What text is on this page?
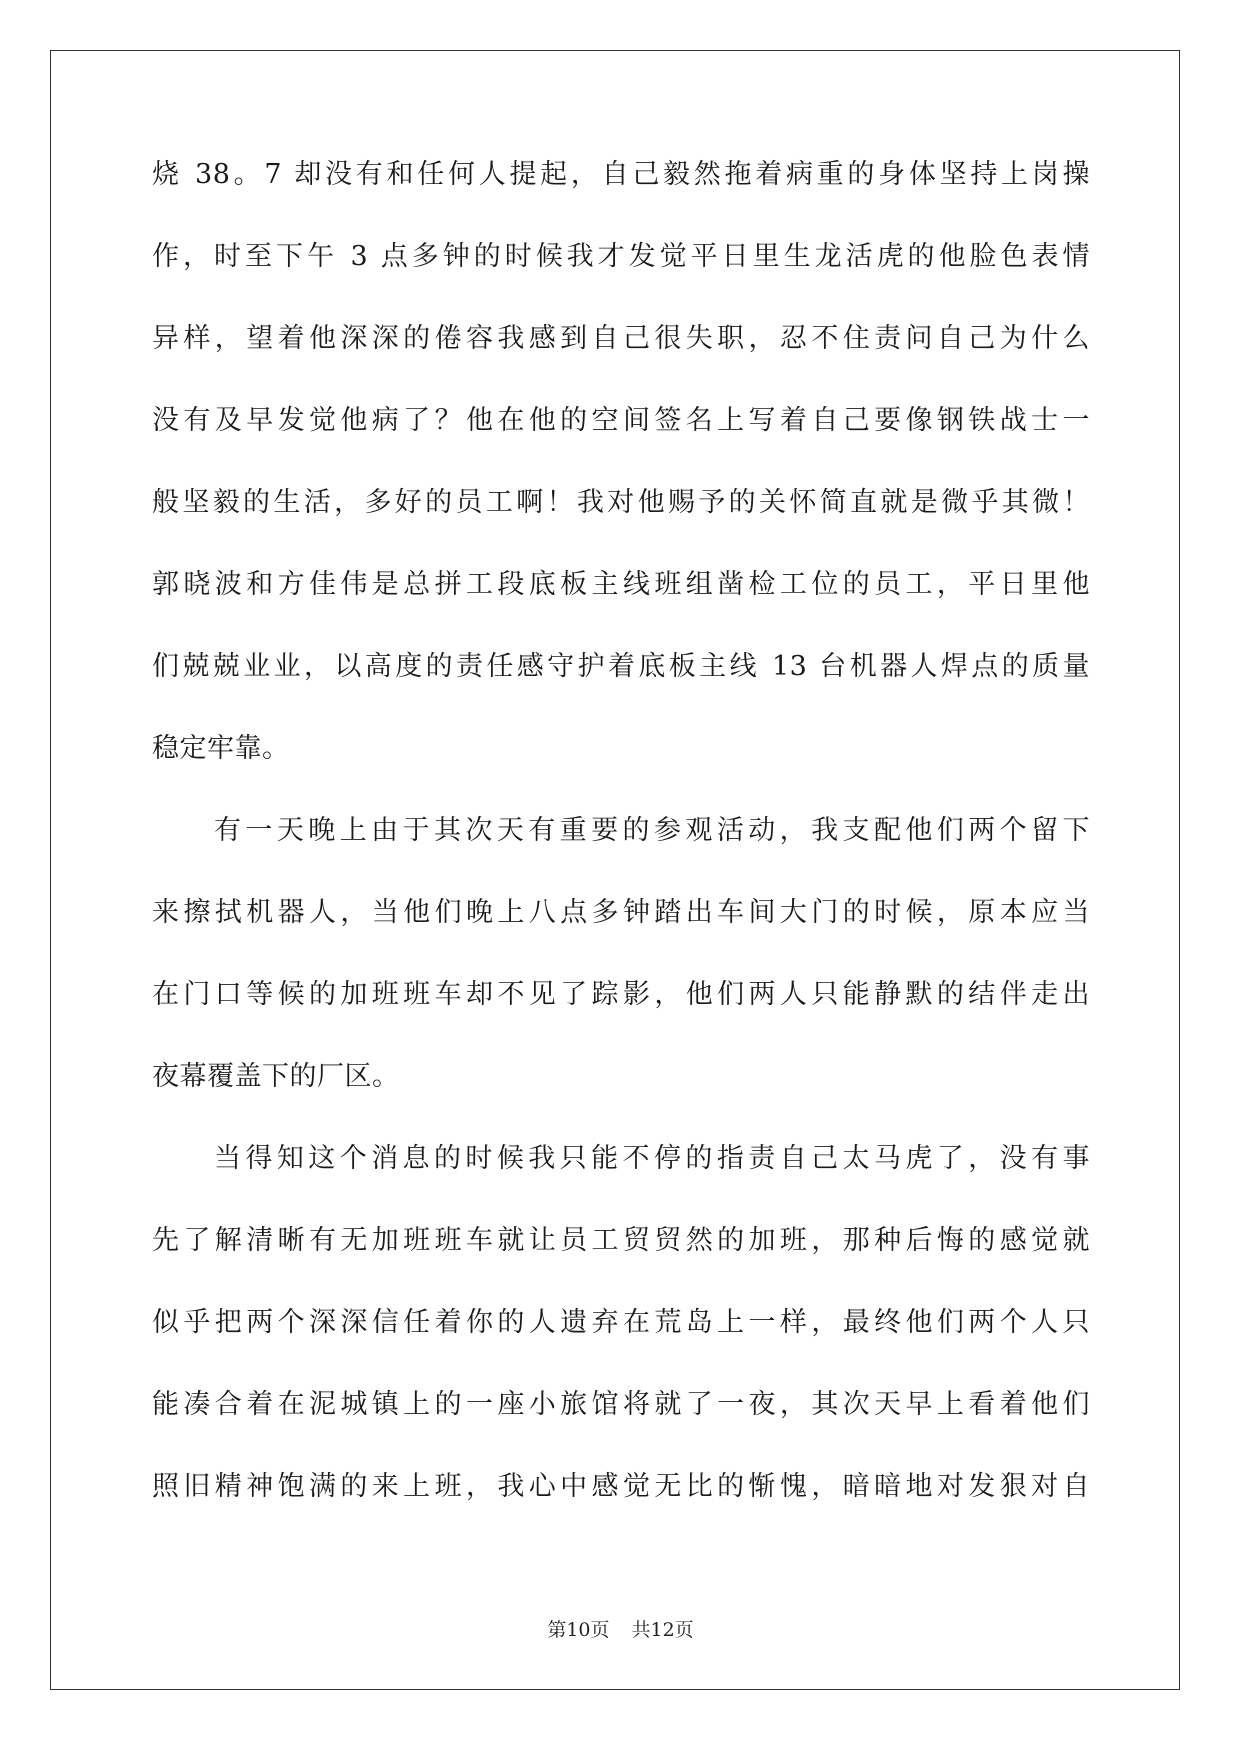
烧 38。7 却没有和任何人提起，自己毅然拖着病重的身体坚持上岗操
作，时至下午 3 点多钟的时候我才发觉平日里生龙活虎的他脸色表情
异样，望着他深深的倦容我感到自己很失职，忍不住责问自己为什么
没有及早发觉他病了？他在他的空间签名上写着自己要像钢铁战士一
般坚毅的生活，多好的员工啊！我对他赐予的关怀简直就是微乎其微！
郭晓波和方佳伟是总拼工段底板主线班组凿检工位的员工，平日里他
们兢兢业业，以高度的责任感守护着底板主线 13 台机器人焊点的质量
稳定牢靠。
有一天晚上由于其次天有重要的参观活动，我支配他们两个留下
来擦拭机器人，当他们晚上八点多钟踏出车间大门的时候，原本应当
在门口等候的加班班车却不见了踪影，他们两人只能静默的结伴走出
夜幕覆盖下的厂区。
当得知这个消息的时候我只能不停的指责自己太马虎了，没有事
先了解清晰有无加班班车就让员工贸贸然的加班，那种后悔的感觉就
似乎把两个深深信任着你的人遗弃在荒岛上一样，最终他们两个人只
能凑合着在泥城镇上的一座小旅馆将就了一夜，其次天早上看着他们
照旧精神饱满的来上班，我心中感觉无比的惭愧，暗暗地对发狠对自
第10页 共12页
